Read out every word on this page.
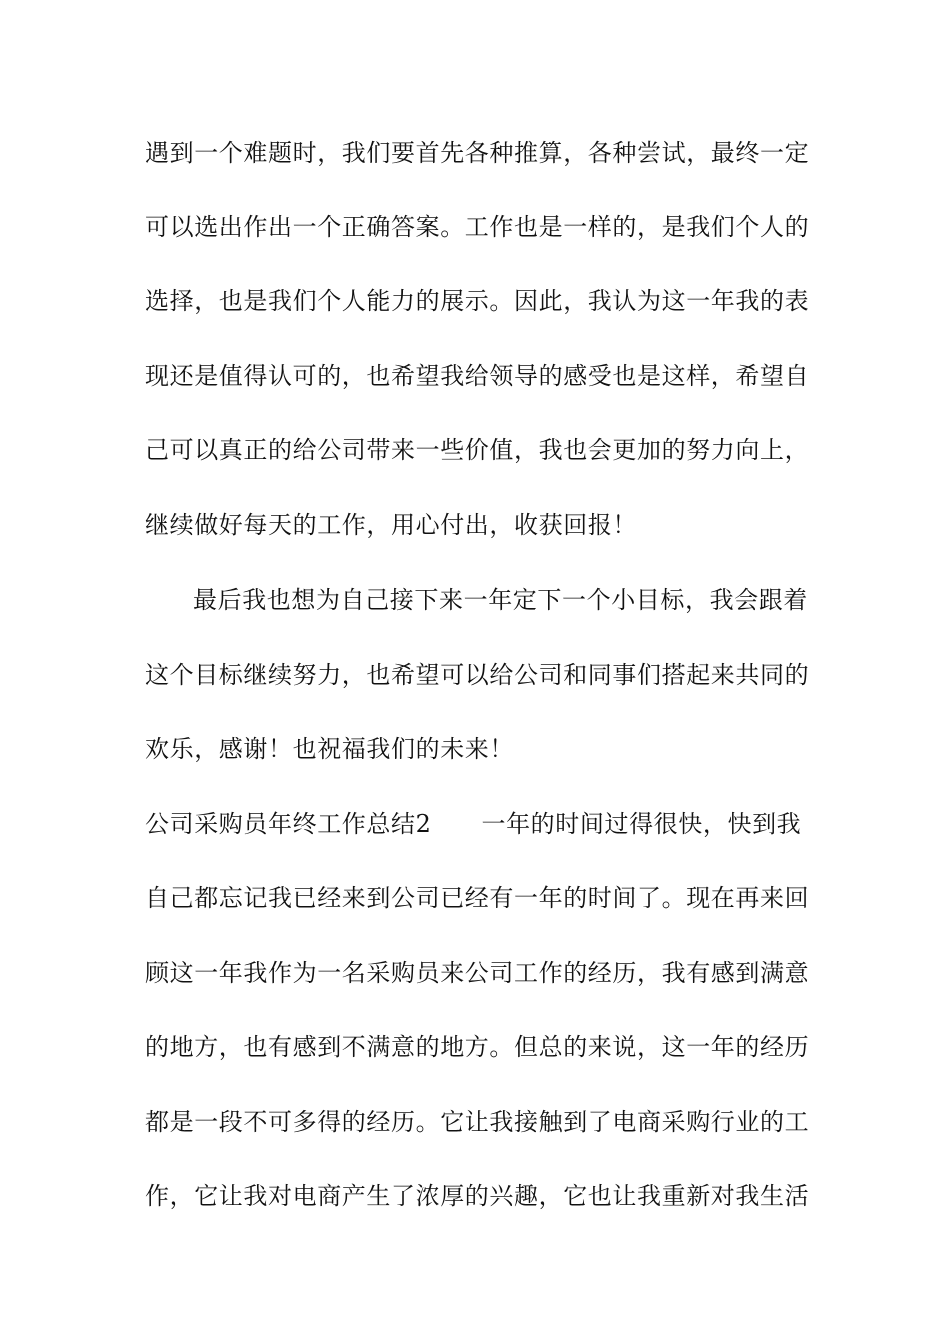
遇到一个难题时，我们要首先各种推算，各种尝试，最终一定
可以选出作出一个正确答案。工作也是一样的，是我们个人的
选择，也是我们个人能力的展示。因此，我认为这一年我的表
现还是值得认可的，也希望我给领导的感受也是这样，希望自
己可以真正的给公司带来一些价值，我也会更加的努力向上，
继续做好每天的工作，用心付出，收获回报！
最后我也想为自己接下来一年定下一个小目标，我会跟着
这个目标继续努力，也希望可以给公司和同事们搭起来共同的
欢乐，感谢！也祝福我们的未来！
公司采购员年终工作总结2 一年的时间过得很快，快到我
自己都忘记我已经来到公司已经有一年的时间了。现在再来回
顾这一年我作为一名采购员来公司工作的经历，我有感到满意
的地方，也有感到不满意的地方。但总的来说，这一年的经历
都是一段不可多得的经历。它让我接触到了电商采购行业的工
作，它让我对电商产生了浓厚的兴趣，它也让我重新对我生活
